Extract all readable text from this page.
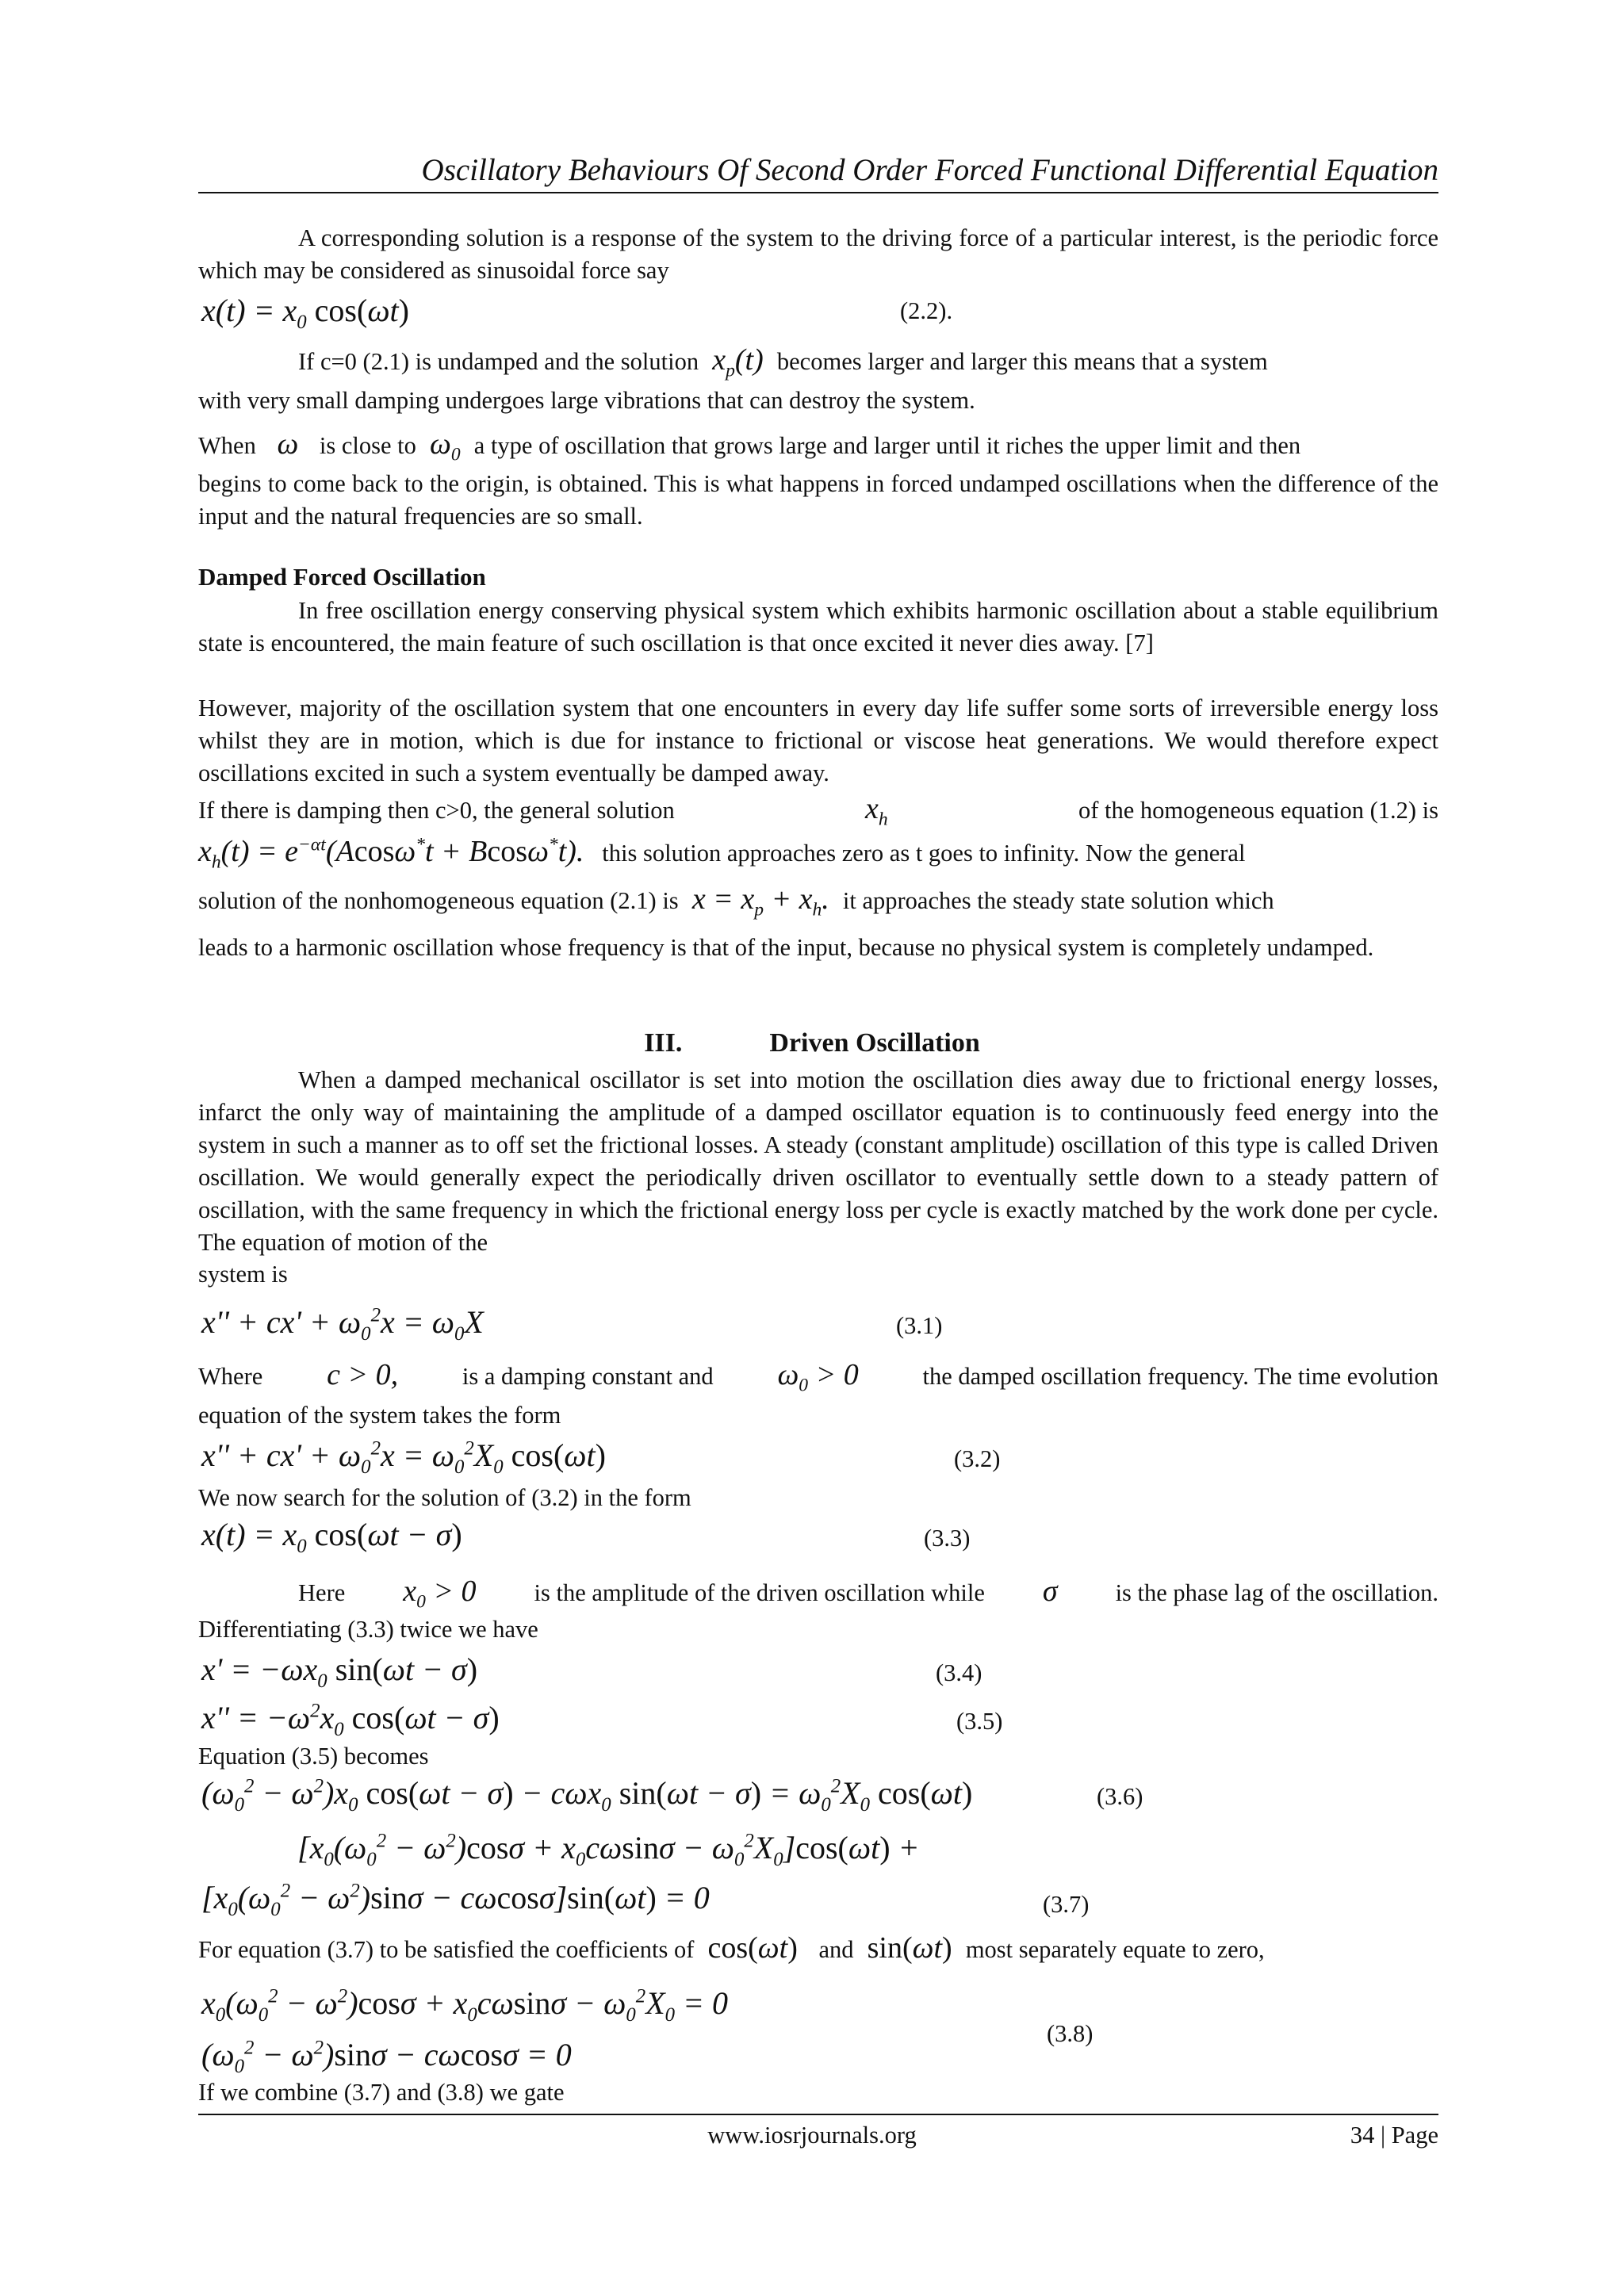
Oscillatory Behaviours Of Second Order Forced Functional Differential Equation
A corresponding solution is a response of the system to the driving force of a particular interest, is the periodic force which may be considered as sinusoidal force say
$x(t) = x_0$ cos(ωt)	(2.2).
If c=0 (2.1) is undamped and the solution  $x_p(t)$  becomes larger and larger this means that a system
with very small damping undergoes large vibrations that can destroy the system.
When   ω   is close to  $\omega_0$ a type of oscillation that grows large and larger until it riches the upper limit and then
begins to come back to the origin, is obtained. This is what happens in forced undamped oscillations when the difference of the input and the natural frequencies are so small.
Damped Forced Oscillation
In free oscillation energy conserving physical system which exhibits harmonic oscillation about a stable equilibrium state is encountered, the main feature of such oscillation is that once excited it never dies away. [7]
However, majority of the oscillation system that one encounters in every day life suffer some sorts of irreversible energy loss whilst they are in motion, which is due for instance to frictional or viscose heat generations. We would therefore expect oscillations excited in such a system eventually be damped away.
If there is damping then c>0, the general solution	$x_h$	of the homogeneous equation (1.2) is
$x_h(t) = e^{-\alpha t}(Acos\omega^*t + Bcos\omega^*t)$. this solution approaches zero as t goes to infinity. Now the general
solution of the nonhomogeneous equation (2.1) is  $x = x_p + x_h$.  it approaches the steady state solution which
leads to a harmonic oscillation whose frequency is that of the input, because no physical system is completely undamped.
III.	Driven Oscillation
When a damped mechanical oscillator is set into motion the oscillation dies away due to frictional energy losses, infarct the only way of maintaining the amplitude of a damped oscillator equation is to continuously feed energy into the system in such a manner as to off set the frictional losses. A steady (constant amplitude) oscillation of this type is called Driven oscillation. We would generally expect the periodically driven oscillator to eventually settle down to a steady pattern of oscillation, with the same frequency in which the frictional energy loss per cycle is exactly matched by the work done per cycle. The equation of motion of the
system is
$x'' + cx' + \omega_0^2x = \omega_0X$	(3.1)
Where c > 0,	is a damping constant and $\omega_0 > 0$	the damped oscillation frequency. The time evolution
equation of the system takes the form
$x'' + cx' + \omega_0^2x = \omega_0^2X_0$ cos(ωt)	(3.2)
We now search for the solution of (3.2) in the form
$x(t) = x_0$ cos(ωt − σ)	(3.3)
Here $x_0 > 0$ is the amplitude of the driven oscillation while σ is the phase lag of the oscillation.
Differentiating (3.3) twice we have
$x' = -\omega x_0$ sin(ωt − σ)	(3.4)
$x'' = -\omega^2x_0$ cos(ωt − σ)	(3.5)
Equation (3.5) becomes
$(\omega_0^2 - \omega^2)x_0$ cos(ωt − σ) − cωx$_0$ $\sin(\omega t - \sigma) = \omega_0^2X_0$ cos(ωt)	(3.6)
$[x_0(\omega_0^2 - \omega^2)\cos\sigma + x_0c\omega\sin\sigma - \omega_0^2X_0]\cos(\omega t)$ +
$[x_0(\omega_0^2 - \omega^2)\sin\sigma - c\omega\cos\sigma]\sin(\omega t) = 0$	(3.7)
For equation (3.7) to be satisfied the coefficients of cos(ωt) and sin(ωt) most separately equate to zero,
$x_0(\omega_0^2 - \omega^2)\cos\sigma + x_0c\omega\sin\sigma - \omega_0^2X_0 = 0$
$(\omega_0^2 - \omega^2)\sin\sigma - c\omega\cos\sigma = 0$
(3.8)
If we combine (3.7) and (3.8) we gate
www.iosrjournals.org	34 | Page
